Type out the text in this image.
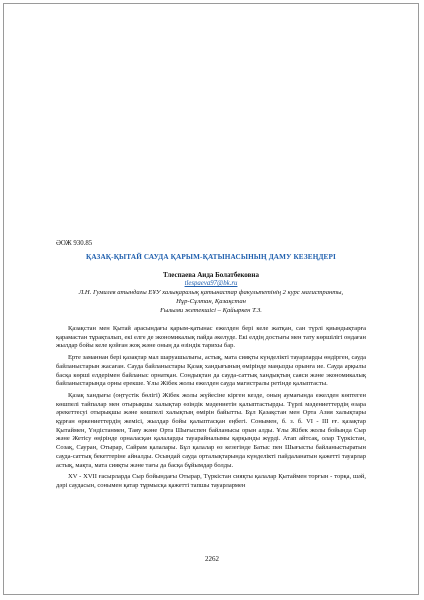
ӘОЖ 930.85
ҚАЗАҚ-ҚЫТАЙ САУДА ҚАРЫМ-ҚАТЫНАСЫНЫҢ ДАМУ КЕЗЕҢДЕРІ
Тлеспаева Аида Болатбековна
tlespaeva97@bk.ru

Л.Н. Гумилев атындағы ЕҰУ халықаралық қатынастар факультетінің 2 курс магистранты,

Нұр-Сұлтан, Қазақстан

Ғылыми жетекшісі – Қайыркен Т.З.

Қазақстан мен Қытай арасындағы қарым-қатынас ежелден бері келе жатқан, сан түрлі қиындықтарға қарамастан тұрақталып, екі елге де экономикалық пайда әкелуде. Екі елдің достығы мен тату көршілігі ондаған жылдар бойы келе қойған жоқ және оның да өзіндік тарихы бар.

Ерте заманнан бері қазақтар мал шаруашылығы, астық, мата сияқты күнделікті тауарларды өндірген, сауда байланыстарын жасаған. Сауда байланыстары Қазақ хандығының өмірінде маңызды орынға ие. Сауда арқылы басқа көрші елдерімен байланыс орнатқан. Сондықтан да сауда-саттық хандықтың саяси және экономикалық байланыстарында орны ерекше. Ұлы Жібек жолы ежелден сауда магистралы ретінде қалыптасты.

Қазақ хандығы (оңтүстік бөлігі) Жібек жолы жүйесіне кірген кезде, оның аумағында ежелден көптеген көшпелі тайпалар мен отырықшы халықтар өзіндік мәдениетін қалыптастырды. Түрлі мәдениеттердің өзара әрекеттесуі отырықшы және көшпелі халықтың өмірін байытты. Бұл Қазақстан мен Орта Азия халықтары құрған өркениеттердің жемісі, жылдар бойы қалыптасқан еңбегі. Сонымен, б. з. б. VI - III ғғ. қазақтар Қытаймен, Үндістанмен, Таяу және Орта Шығыспен байланысы орын алды. Ұлы Жібек жолы бойында Сыр және Жетісу өңірінде орналасқан қалаларды тауарайналымы қарқынды жүрді. Атап айтсақ, олар Түркістан, Созақ, Сауран, Отырар, Сайрам қалалары. Бұл қалалар өз кезегінде Батыс пен Шығысты байланыстыратын сауда-саттық бекеттеріне айналды. Осындай сауда орталықтарында күнделікті пайдаланатын қажетті тауарлар астық, мақта, мата сияқты және тағы да басқа бұйымдар болды.

XV - XVII ғасырларда Сыр бойындағы Отырар, Түркістан сияқты қалалар Қытаймен торғын - торқа, шәй, дәрі саудасын, сонымен қатар тұрмысқа қажетті тапшы тауарлармен

2262
